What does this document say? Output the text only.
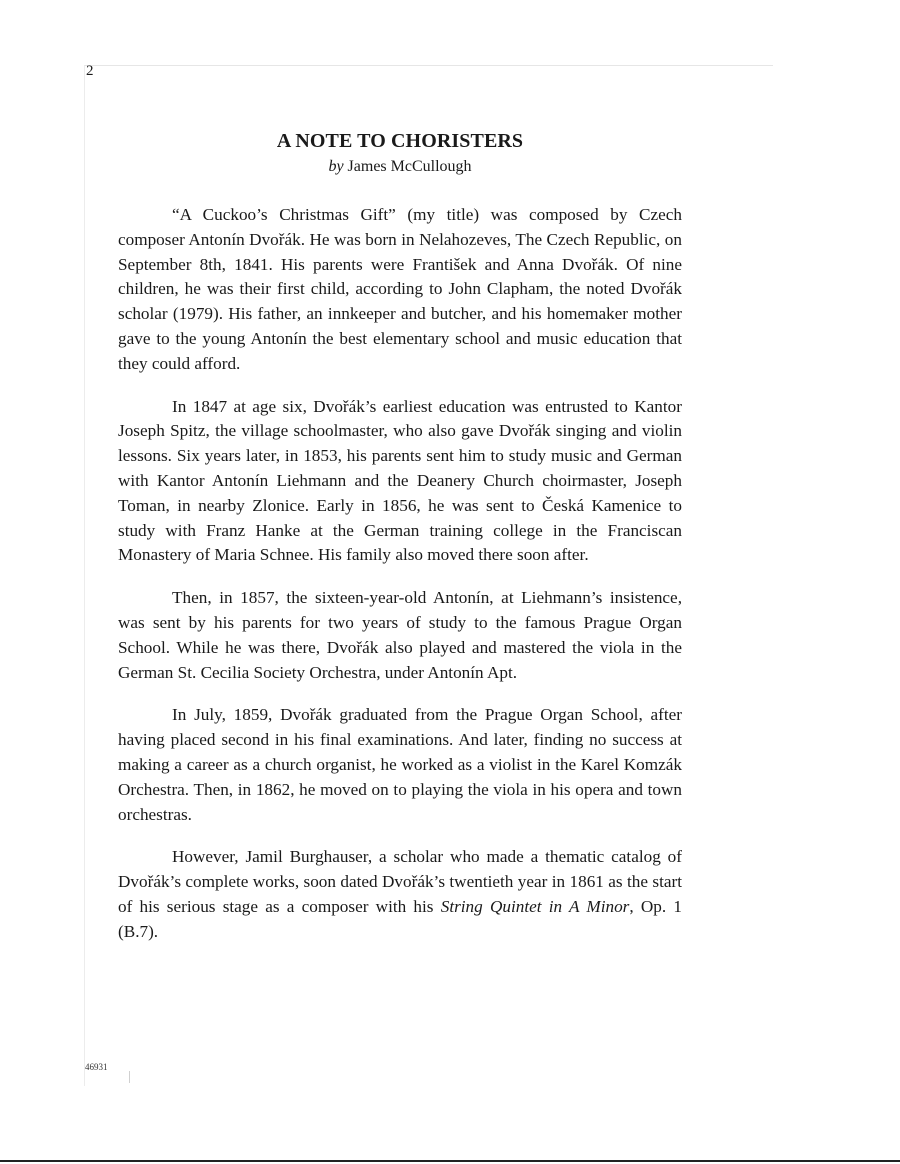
2
A NOTE TO CHORISTERS
by James McCullough

“A Cuckoo’s Christmas Gift” (my title) was composed by Czech composer Antonín Dvořák. He was born in Nelahozeves, The Czech Republic, on September 8th, 1841. His parents were František and Anna Dvořák. Of nine children, he was their first child, according to John Clapham, the noted Dvořák scholar (1979). His father, an innkeeper and butcher, and his homemaker mother gave to the young Antonín the best elementary school and music education that they could afford.

In 1847 at age six, Dvořák’s earliest education was entrusted to Kantor Joseph Spitz, the village schoolmaster, who also gave Dvořák singing and violin lessons. Six years later, in 1853, his parents sent him to study music and German with Kantor Antonín Liehmann and the Deanery Church choirmaster, Joseph Toman, in nearby Zlonice. Early in 1856, he was sent to Česká Kamenice to study with Franz Hanke at the German training college in the Franciscan Monastery of Maria Schnee. His family also moved there soon after.

Then, in 1857, the sixteen-year-old Antonín, at Liehmann’s insistence, was sent by his parents for two years of study to the famous Prague Organ School. While he was there, Dvořák also played and mastered the viola in the German St. Cecilia Society Orchestra, under Antonín Apt.

In July, 1859, Dvořák graduated from the Prague Organ School, after having placed second in his final examinations. And later, finding no success at making a career as a church organist, he worked as a violist in the Karel Komzák Orchestra. Then, in 1862, he moved on to playing the viola in his opera and town orchestras.

However, Jamil Burghauser, a scholar who made a thematic catalog of Dvořák’s complete works, soon dated Dvořák’s twentieth year in 1861 as the start of his serious stage as a composer with his String Quintet in A Minor, Op. 1 (B.7).

46931
